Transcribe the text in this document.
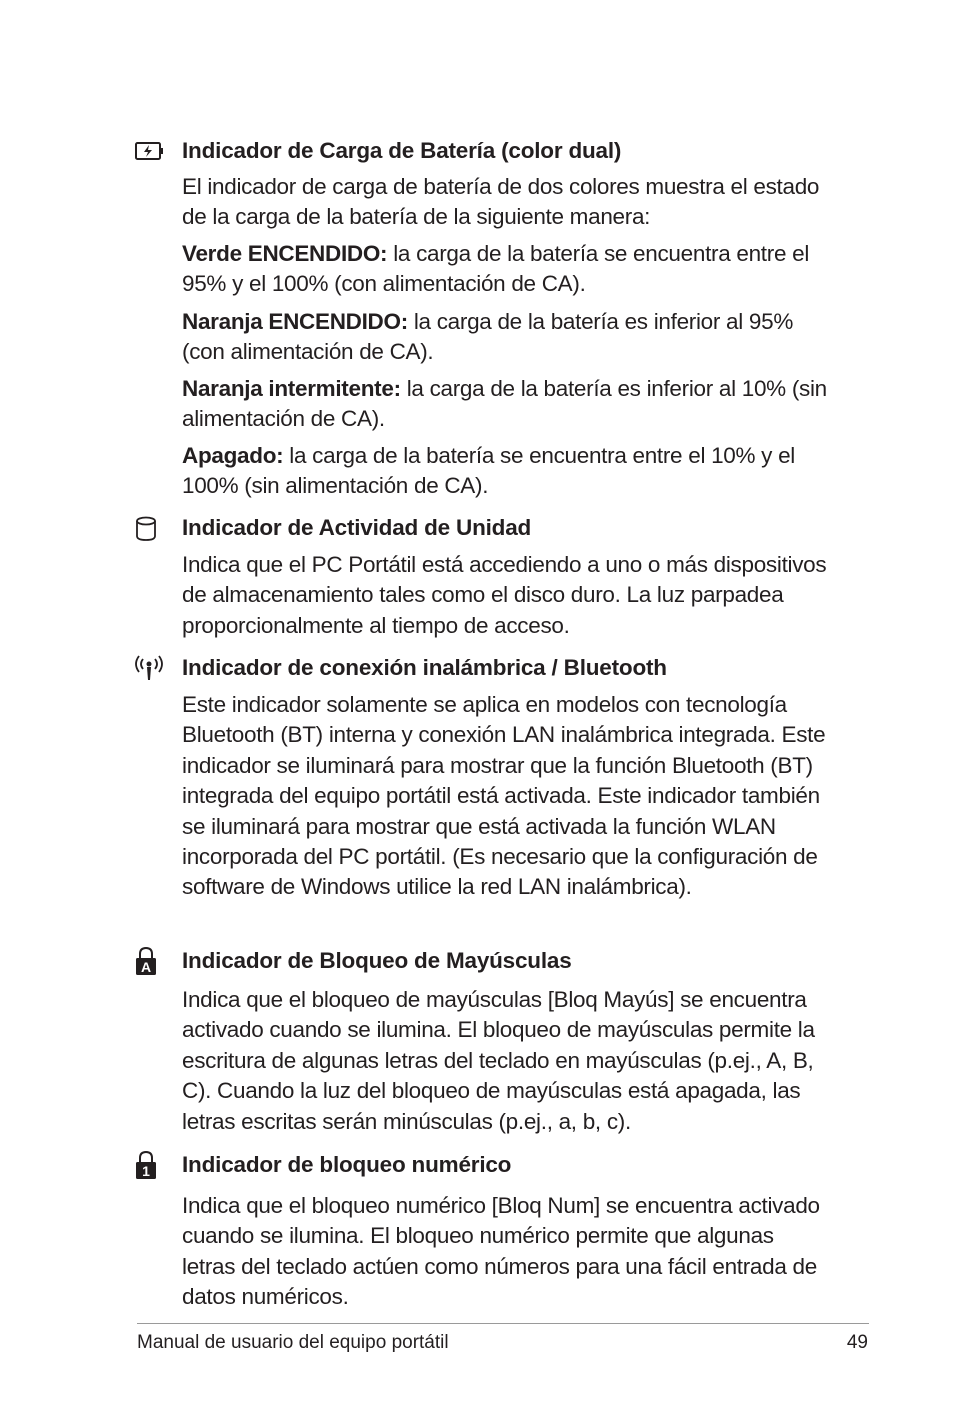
Indicador de Carga de Batería (color dual)

El indicador de carga de batería de dos colores muestra el estado de la carga de la batería de la siguiente manera:

Verde ENCENDIDO: la carga de la batería se encuentra entre el 95% y el 100% (con alimentación de CA).

Naranja ENCENDIDO: la carga de la batería es inferior al 95% (con alimentación de CA).

Naranja intermitente: la carga de la batería es inferior al 10% (sin alimentación de CA).

Apagado: la carga de la batería se encuentra entre el 10% y el 100% (sin alimentación de CA).

Indicador de Actividad de Unidad

Indica que el PC Portátil está accediendo a uno o más dispositivos de almacenamiento tales como el disco duro. La luz parpadea proporcionalmente al tiempo de acceso.

Indicador de conexión inalámbrica / Bluetooth

Este indicador solamente se aplica en modelos con tecnología Bluetooth (BT) interna y conexión LAN inalámbrica integrada. Este indicador se iluminará para mostrar que la función Bluetooth (BT) integrada del equipo portátil está activada. Este indicador también se iluminará para mostrar que está activada la función WLAN incorporada del PC portátil. (Es necesario que la configuración de software de Windows utilice la red LAN inalámbrica).

A Indicador de Bloqueo de Mayúsculas

Indica que el bloqueo de mayúsculas [Bloq Mayús] se encuentra activado cuando se ilumina. El bloqueo de mayúsculas permite la escritura de algunas letras del teclado en mayúsculas (p.ej., A, B, C). Cuando la luz del bloqueo de mayúsculas está apagada, las letras escritas serán minúsculas (p.ej., a, b, c).

1 Indicador de bloqueo numérico

Indica que el bloqueo numérico [Bloq Num] se encuentra activado cuando se ilumina. El bloqueo numérico permite que algunas letras del teclado actúen como números para una fácil entrada de datos numéricos.

Manual de usuario del equipo portátil	49
